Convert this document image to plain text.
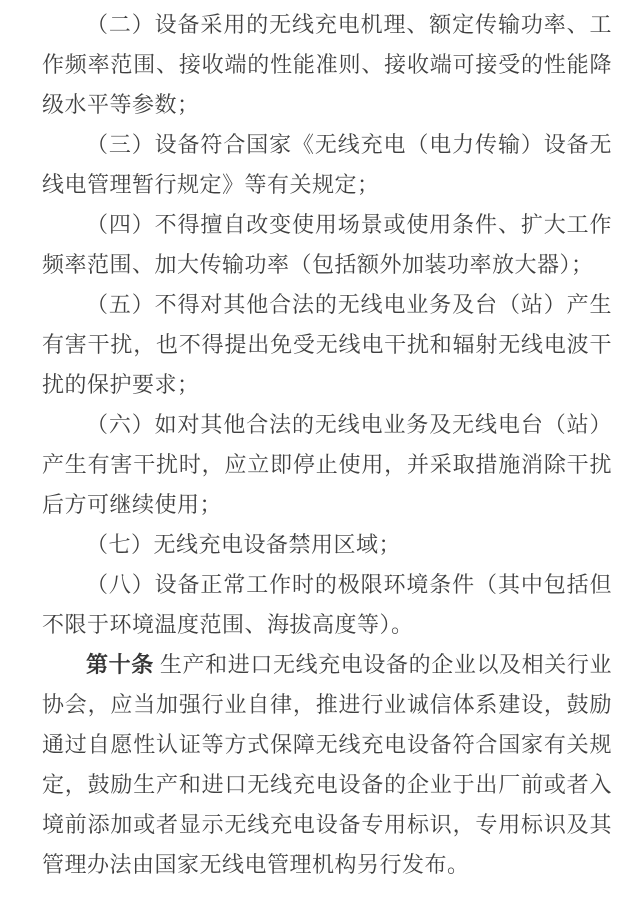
（二）设备采用的无线充电机理、额定传输功率、工作频率范围、接收端的性能准则、接收端可接受的性能降级水平等参数；

（三）设备符合国家《无线充电（电力传输）设备无线电管理暂行规定》等有关规定；

（四）不得擅自改变使用场景或使用条件、扩大工作频率范围、加大传输功率（包括额外加装功率放大器）；

（五）不得对其他合法的无线电业务及台（站）产生有害干扰，也不得提出免受无线电干扰和辐射无线电波干扰的保护要求；

（六）如对其他合法的无线电业务及无线电台（站）产生有害干扰时，应立即停止使用，并采取措施消除干扰后方可继续使用；

（七）无线充电设备禁用区域；

（八）设备正常工作时的极限环境条件（其中包括但不限于环境温度范围、海拔高度等）。

第十条 生产和进口无线充电设备的企业以及相关行业协会，应当加强行业自律，推进行业诚信体系建设，鼓励通过自愿性认证等方式保障无线充电设备符合国家有关规定，鼓励生产和进口无线充电设备的企业于出厂前或者入境前添加或者显示无线充电设备专用标识，专用标识及其管理办法由国家无线电管理机构另行发布。
